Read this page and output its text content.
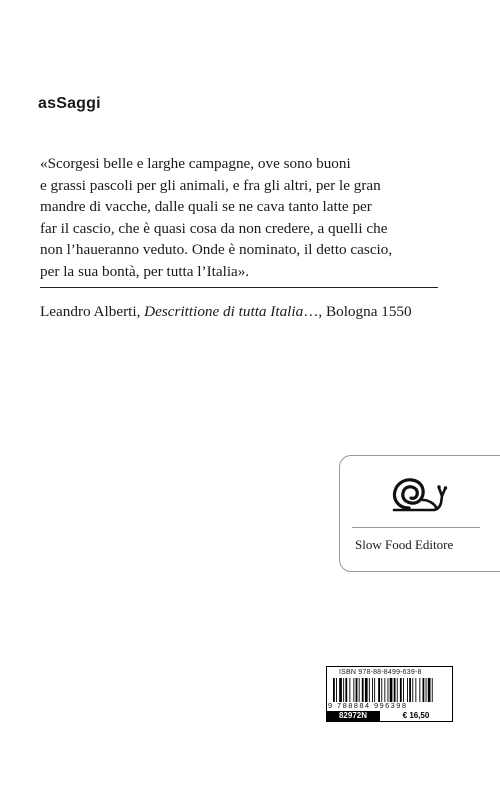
asSaggi

«Scorgesi belle e larghe campagne, ove sono buoni
e grassi pascoli per gli animali, e fra gli altri, per le gran
mandre di vacche, dalle quali se ne cava tanto latte per
far il cascio, che è quasi cosa da non credere, a quelli che
non l’haueranno veduto. Onde è nominato, il detto cascio,
per la sua bontà, per tutta l’Italia».

Leandro Alberti, Descrittione di tutta Italia…, Bologna 1550
Slow Food Editore
ISBN 978-88-8499-639-8
9 788884 996398
82972N	€ 16,50
